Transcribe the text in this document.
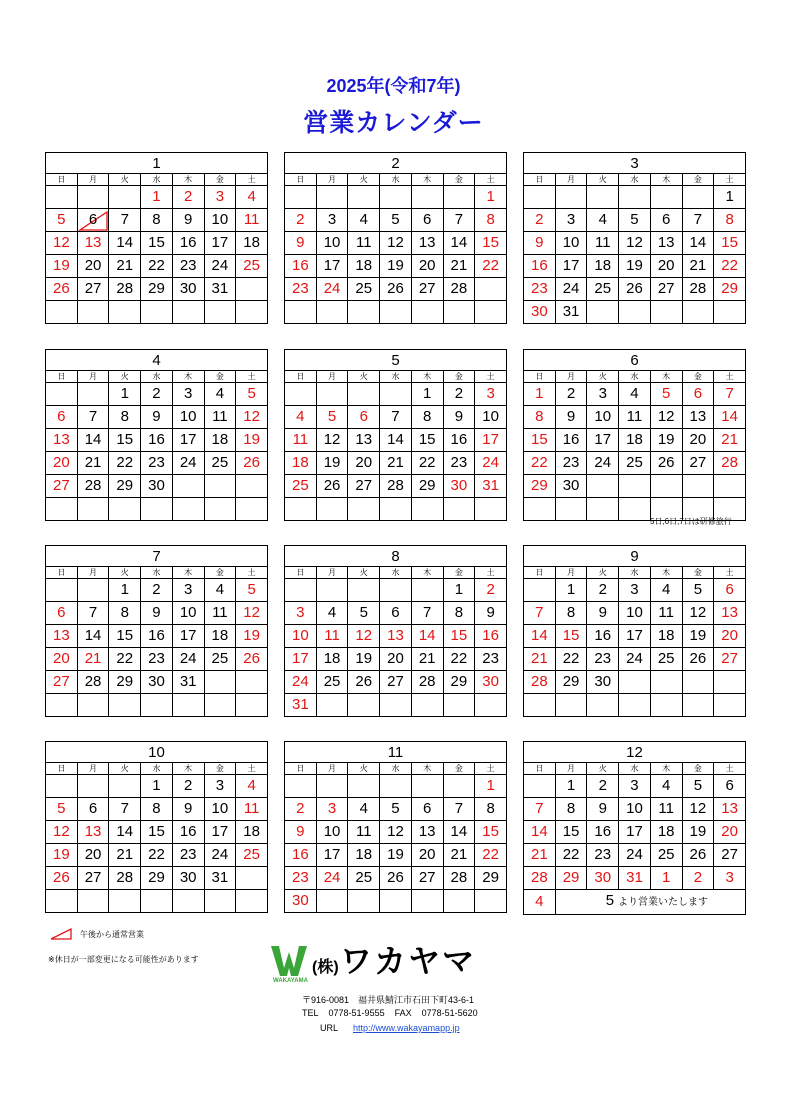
2025年(令和7年)
営業カレンダー
1						
日	月	火	水	木	金	土
			1	2	3	4
5	6	7	8	9	10	11
12	13	14	15	16	17	18
19	20	21	22	23	24	25
26	27	28	29	30	31	

2						
日	月	火	水	木	金	土
						1
2	3	4	5	6	7	8
9	10	11	12	13	14	15
16	17	18	19	20	21	22
23	24	25	26	27	28	

3						
日	月	火	水	木	金	土
						1
2	3	4	5	6	7	8
9	10	11	12	13	14	15
16	17	18	19	20	21	22
23	24	25	26	27	28	29
30	31					
4						
日	月	火	水	木	金	土
		1	2	3	4	5
6	7	8	9	10	11	12
13	14	15	16	17	18	19
20	21	22	23	24	25	26
27	28	29	30			

5						
日	月	火	水	木	金	土
				1	2	3
4	5	6	7	8	9	10
11	12	13	14	15	16	17
18	19	20	21	22	23	24
25	26	27	28	29	30	31

6						
日	月	火	水	木	金	土
1	2	3	4	5	6	7
8	9	10	11	12	13	14
15	16	17	18	19	20	21
22	23	24	25	26	27	28
29	30					

5日,6日,7日は研修旅行
7						
日	月	火	水	木	金	土
		1	2	3	4	5
6	7	8	9	10	11	12
13	14	15	16	17	18	19
20	21	22	23	24	25	26
27	28	29	30	31		

8						
日	月	火	水	木	金	土
					1	2
3	4	5	6	7	8	9
10	11	12	13	14	15	16
17	18	19	20	21	22	23
24	25	26	27	28	29	30
31						
9						
日	月	火	水	木	金	土
	1	2	3	4	5	6
7	8	9	10	11	12	13
14	15	16	17	18	19	20
21	22	23	24	25	26	27
28	29	30				

10						
日	月	火	水	木	金	土
			1	2	3	4
5	6	7	8	9	10	11
12	13	14	15	16	17	18
19	20	21	22	23	24	25
26	27	28	29	30	31	

11						
日	月	火	水	木	金	土
						1
2	3	4	5	6	7	8
9	10	11	12	13	14	15
16	17	18	19	20	21	22
23	24	25	26	27	28	29
30						
12						
日	月	火	水	木	金	土
	1	2	3	4	5	6
7	8	9	10	11	12	13
14	15	16	17	18	19	20
21	22	23	24	25	26	27
28	29	30	31	1	2	3
4	5 より営業いたします					
午後から通常営業
※休日が一部変更になる可能性があります
WAKAYAMA
(株) ワカヤマ
〒916-0081　福井県鯖江市石田下町43-6-1
TEL 0778-51-9555 FAX 0778-51-5620
URL http://www.wakayamapp.jp
